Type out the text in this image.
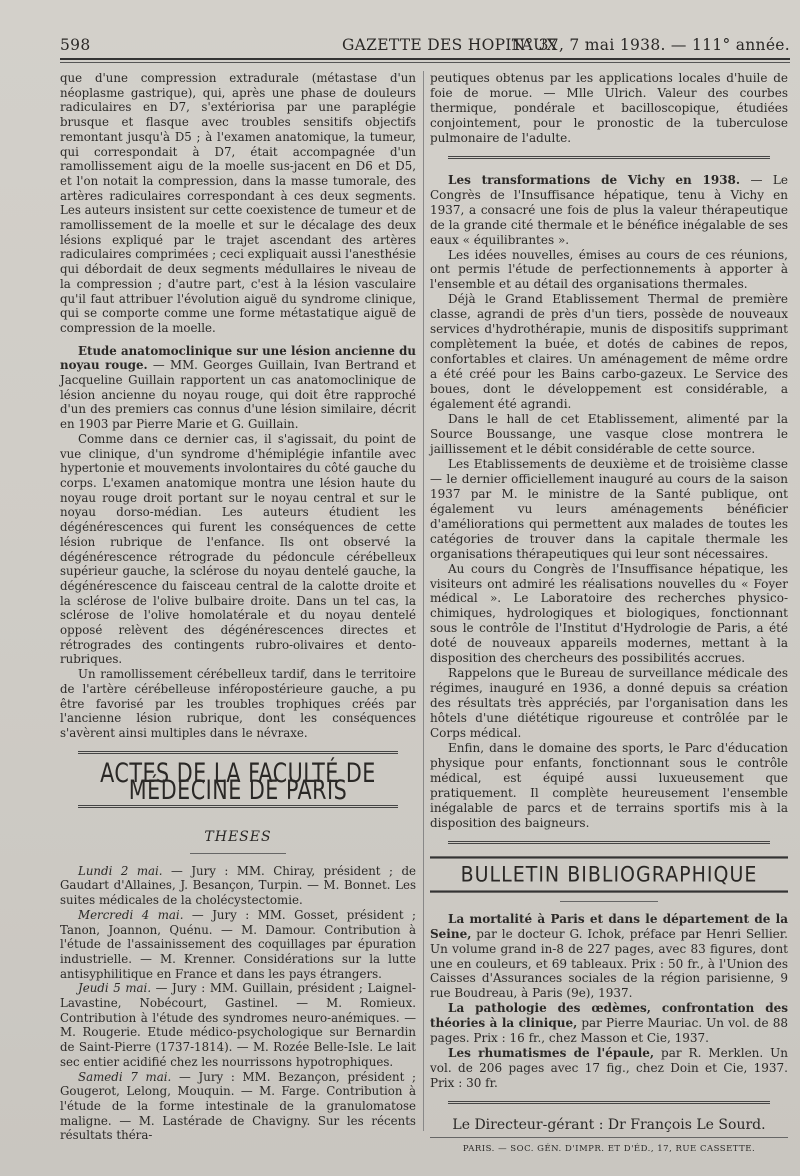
598	GAZETTE DES HOPITAUX
N° 37, 7 mai 1938. — 111° année.

que d'une compression extradurale (métastase d'un néoplasme gastrique), qui, après une phase de douleurs radiculaires en D7, s'extériorisa par une paraplégie brusque et flasque avec troubles sensitifs objectifs remontant jusqu'à D5 ; à l'examen anatomique, la tumeur, qui correspondait à D7, était accompagnée d'un ramollissement aigu de la moelle sus-jacent en D6 et D5, et l'on notait la compression, dans la masse tumorale, des artères radiculaires correspondant à ces deux segments. Les auteurs insistent sur cette coexistence de tumeur et de ramollissement de la moelle et sur le décalage des deux lésions expliqué par le trajet ascendant des artères radiculaires comprimées ; ceci expliquait aussi l'anesthésie qui débordait de deux segments médullaires le niveau de la compression ; d'autre part, c'est à la lésion vasculaire qu'il faut attribuer l'évolution aiguë du syndrome clinique, qui se comporte comme une forme métastatique aiguë de compression de la moelle.

Etude anatomoclinique sur une lésion ancienne du noyau rouge. — MM. Georges Guillain, Ivan Bertrand et Jacqueline Guillain rapportent un cas anatomoclinique de lésion ancienne du noyau rouge, qui doit être rapproché d'un des premiers cas connus d'une lésion similaire, décrit en 1903 par Pierre Marie et G. Guillain.

Comme dans ce dernier cas, il s'agissait, du point de vue clinique, d'un syndrome d'hémiplégie infantile avec hypertonie et mouvements involontaires du côté gauche du corps. L'examen anatomique montra une lésion haute du noyau rouge droit portant sur le noyau central et sur le noyau dorso-médian. Les auteurs étudient les dégénérescences qui furent les conséquences de cette lésion rubrique de l'enfance. Ils ont observé la dégénérescence rétrograde du pédoncule cérébelleux supérieur gauche, la sclérose du noyau dentelé gauche, la dégénérescence du faisceau central de la calotte droite et la sclérose de l'olive bulbaire droite. Dans un tel cas, la sclérose de l'olive homolatérale et du noyau dentelé opposé relèvent des dégénérescences directes et rétrogrades des contingents rubro-olivaires et dento-rubriques.

Un ramollissement cérébelleux tardif, dans le territoire de l'artère cérébelleuse inféropostérieure gauche, a pu être favorisé par les troubles trophiques créés par l'ancienne lésion rubrique, dont les conséquences s'avèrent ainsi multiples dans le névraxe.

ACTES DE LA FACULTÉ DE MÉDECINE DE PARIS
THESES

Lundi 2 mai. — Jury : MM. Chiray, président ; de Gaudart d'Allaines, J. Besançon, Turpin. — M. Bonnet. Les suites médicales de la cholécystectomie.

Mercredi 4 mai. — Jury : MM. Gosset, président ; Tanon, Joannon, Quénu. — M. Damour. Contribution à l'étude de l'assainissement des coquillages par épuration industrielle. — M. Krenner. Considérations sur la lutte antisyphilitique en France et dans les pays étrangers.

Jeudi 5 mai. — Jury : MM. Guillain, président ; Laignel-Lavastine, Nobécourt, Gastinel. — M. Romieux. Contribution à l'étude des syndromes neuro-anémiques. — M. Rougerie. Etude médico-psychologique sur Bernardin de Saint-Pierre (1737-1814). — M. Rozée Belle-Isle. Le lait sec entier acidifié chez les nourrissons hypotrophiques.

Samedi 7 mai. — Jury : MM. Bezançon, président ; Gougerot, Lelong, Mouquin. — M. Farge. Contribution à l'étude de la forme intestinale de la granulomatose maligne. — M. Lastérade de Chavigny. Sur les récents résultats théra-

peutiques obtenus par les applications locales d'huile de foie de morue. — Mlle Ulrich. Valeur des courbes thermique, pondérale et bacilloscopique, étudiées conjointement, pour le pronostic de la tuberculose pulmonaire de l'adulte.

Les transformations de Vichy en 1938. — Le Congrès de l'Insuffisance hépatique, tenu à Vichy en 1937, a consacré une fois de plus la valeur thérapeutique de la grande cité thermale et le bénéfice inégalable de ses eaux « équilibrantes ».

Les idées nouvelles, émises au cours de ces réunions, ont permis l'étude de perfectionnements à apporter à l'ensemble et au détail des organisations thermales.

Déjà le Grand Etablissement Thermal de première classe, agrandi de près d'un tiers, possède de nouveaux services d'hydrothérapie, munis de dispositifs supprimant complètement la buée, et dotés de cabines de repos, confortables et claires. Un aménagement de même ordre a été créé pour les Bains carbo-gazeux. Le Service des boues, dont le développement est considérable, a également été agrandi.

Dans le hall de cet Etablissement, alimenté par la Source Boussange, une vasque close montrera le jaillissement et le débit considérable de cette source.

Les Etablissements de deuxième et de troisième classe — le dernier officiellement inauguré au cours de la saison 1937 par M. le ministre de la Santé publique, ont également vu leurs aménagements bénéficier d'améliorations qui permettent aux malades de toutes les catégories de trouver dans la capitale thermale les organisations thérapeutiques qui leur sont nécessaires.

Au cours du Congrès de l'Insuffisance hépatique, les visiteurs ont admiré les réalisations nouvelles du « Foyer médical ». Le Laboratoire des recherches physico-chimiques, hydrologiques et biologiques, fonctionnant sous le contrôle de l'Institut d'Hydrologie de Paris, a été doté de nouveaux appareils modernes, mettant à la disposition des chercheurs des possibilités accrues.

Rappelons que le Bureau de surveillance médicale des régimes, inauguré en 1936, a donné depuis sa création des résultats très appréciés, par l'organisation dans les hôtels d'une diététique rigoureuse et contrôlée par le Corps médical.

Enfin, dans le domaine des sports, le Parc d'éducation physique pour enfants, fonctionnant sous le contrôle médical, est équipé aussi luxueusement que pratiquement. Il complète heureusement l'ensemble inégalable de parcs et de terrains sportifs mis à la disposition des baigneurs.

BULLETIN BIBLIOGRAPHIQUE

La mortalité à Paris et dans le département de la Seine, par le docteur G. Ichok, préface par Henri Sellier. Un volume grand in-8 de 227 pages, avec 83 figures, dont une en couleurs, et 69 tableaux. Prix : 50 fr., à l'Union des Caisses d'Assurances sociales de la région parisienne, 9 rue Boudreau, à Paris (9e), 1937.

La pathologie des œdèmes, confrontation des théories à la clinique, par Pierre Mauriac. Un vol. de 88 pages. Prix : 16 fr., chez Masson et Cie, 1937.

Les rhumatismes de l'épaule, par R. Merklen. Un vol. de 206 pages avec 17 fig., chez Doin et Cie, 1937. Prix : 30 fr.

Le Directeur-gérant : Dr François Le Sourd.
PARIS. — SOC. GÉN. D'IMPR. ET D'ÉD., 17, RUE CASSETTE.
